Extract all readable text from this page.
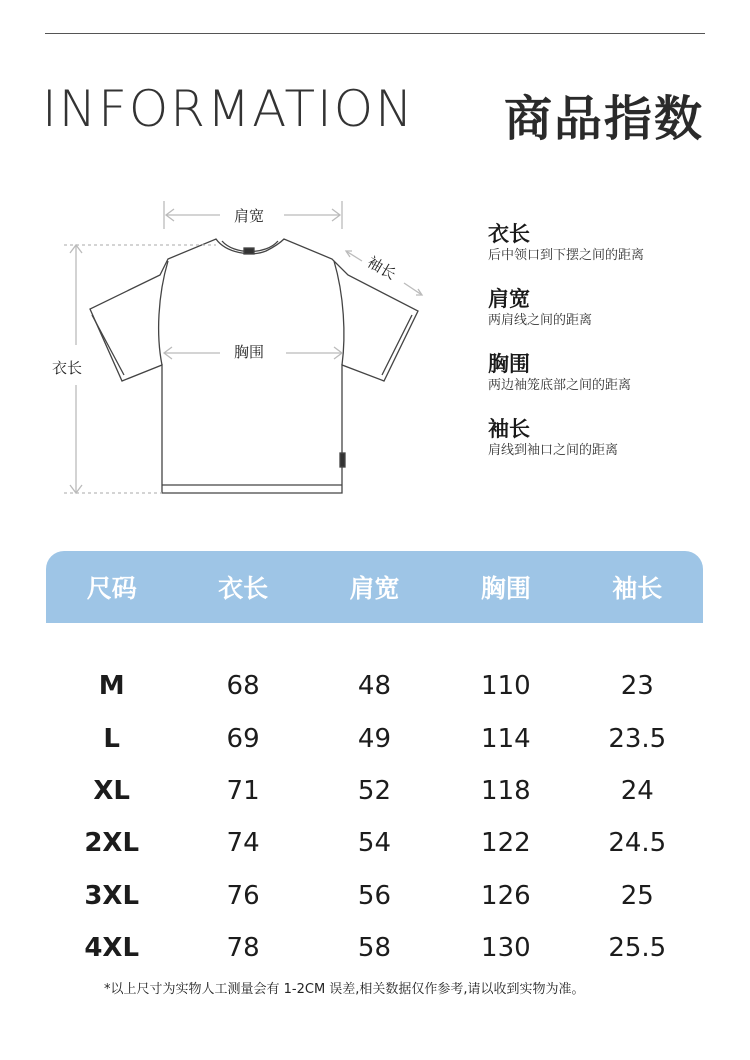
INFORMATION 商品指数
肩宽
胸围
衣长
袖长
衣长
后中领口到下摆之间的距离
肩宽
两肩线之间的距离
胸围
两边袖笼底部之间的距离
袖长
肩线到袖口之间的距离
尺码	衣长	肩宽	胸围	袖长
M	68	48	110	23
L	69	49	114	23.5
XL	71	52	118	24
2XL	74	54	122	24.5
3XL	76	56	126	25
4XL	78	58	130	25.5
*以上尺寸为实物人工测量会有 1-2CM 误差,相关数据仅作参考,请以收到实物为准。
